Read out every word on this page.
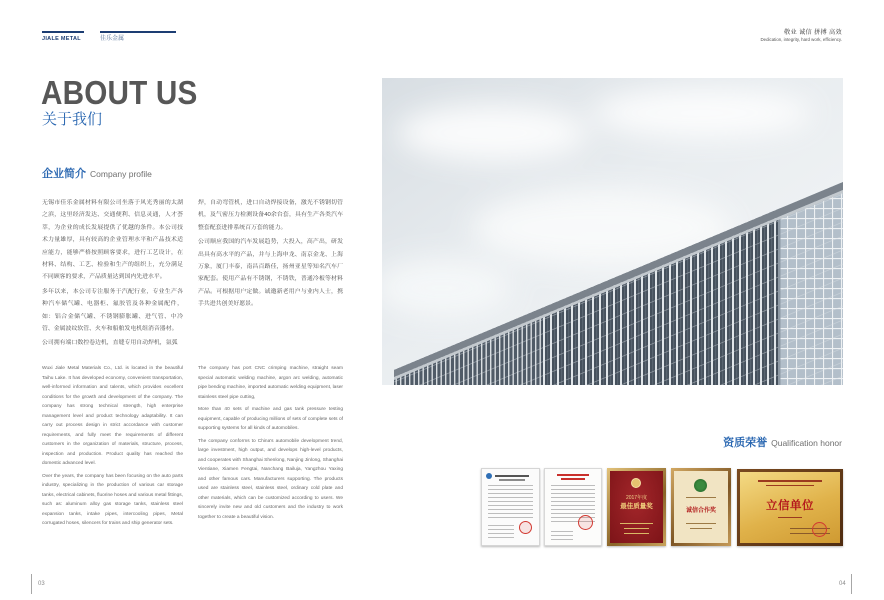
JIALE METAL	佳乐金属
敬业 诚信 拼搏 高效
Dedication, integrity, hard work, efficiency.
ABOUT US
关于我们
企业简介 Company profile

无锡市佳乐金属材料有限公司坐落于风光秀丽的太湖之滨，这里经济发达、交通便利、信息灵通，人才荟萃，为企业的成长发展提供了优越的条件。本公司技术力量雄厚，具有较高的企业管理水平和产品技术适应能力，能够严格按照顾客要求，进行工艺设计，在材料、结构、工艺、检验和生产的组织上，充分满足不同顾客的要求，产品质量达到国内先进水平。

多年以来，本公司专注服务于汽配行业，专业生产各种汽车储气罐、电器柜、氟胶管及各种金属配件，如：铝合金储气罐、不锈钢膨胀罐、进气管、中冷管、金属波纹软管、火车和船舶发电机组消音器材。

公司拥有端口数控卷边机，直缝专用自动焊机，氩弧

焊，自动弯管机，进口自动焊接设备，激光不锈钢切管机，及气密压力检测设备40余台套，具有生产各类汽车整套配套进排系统百万套的能力。

公司顺应我国的汽车发展趋势，大投入，高产出，研发出具有高水平的产品，并与上海申龙、南京金龙、上海万象，厦门丰泰，南昌百路佳，扬州亚星等知名汽车厂家配套。使用产品有不锈钢，不锈铁，普通冷板等材料产品。可根据用户定做。诚邀新老用户与业内人士，携手共进共创美好愿景。

Wuxi Jiale Metal Materials Co., Ltd. is located in the beautiful Taihu Lake. It has developed economy, convenient transportation, well-informed information and talents, which provides excellent conditions for the growth and development of the company. The company has strong technical strength, high enterprise management level and product technology adaptability. It can carry out process design in strict accordance with customer requirements, and fully meet the requirements of different customers in the organization of materials, structure, process, inspection and production. Product quality has reached the domestic advanced level.

Over the years, the company has been focusing on the auto parts industry, specializing in the production of various car storage tanks, electrical cabinets, fluorine hoses and various metal fittings, such as: aluminum alloy gas storage tanks, stainless steel expansion tanks, intake pipes, intercooling pipes, Metal corrugated hoses, silencers for trains and ship generator sets.

The company has port CNC crimping machine, straight seam special automatic welding machine, argon arc welding, automatic pipe bending machine, imported automatic welding equipment, laser stainless steel pipe cutting,

More than 40 sets of machine and gas tank pressure testing equipment, capable of producing millions of sets of complete sets of supporting systems for all kinds of automobiles.

The company conforms to China's automobile development trend, large investment, high output, and develops high-level products, and cooperates with Shanghai Shenlong, Nanjing Jinlong, Shanghai Vientiane, Xiamen Fengtai, Nanchang Bailuja, Yangzhou Yaxing and other famous cars. Manufacturers supporting. The products used are stainless steel, stainless steel, ordinary cold plate and other materials, which can be customized according to users. We sincerely invite new and old customers and the industry to work together to create a beautiful vision.

资质荣誉 Qualification honor
2017年度
最佳质量奖
诚信合作奖	立信单位
03	04
